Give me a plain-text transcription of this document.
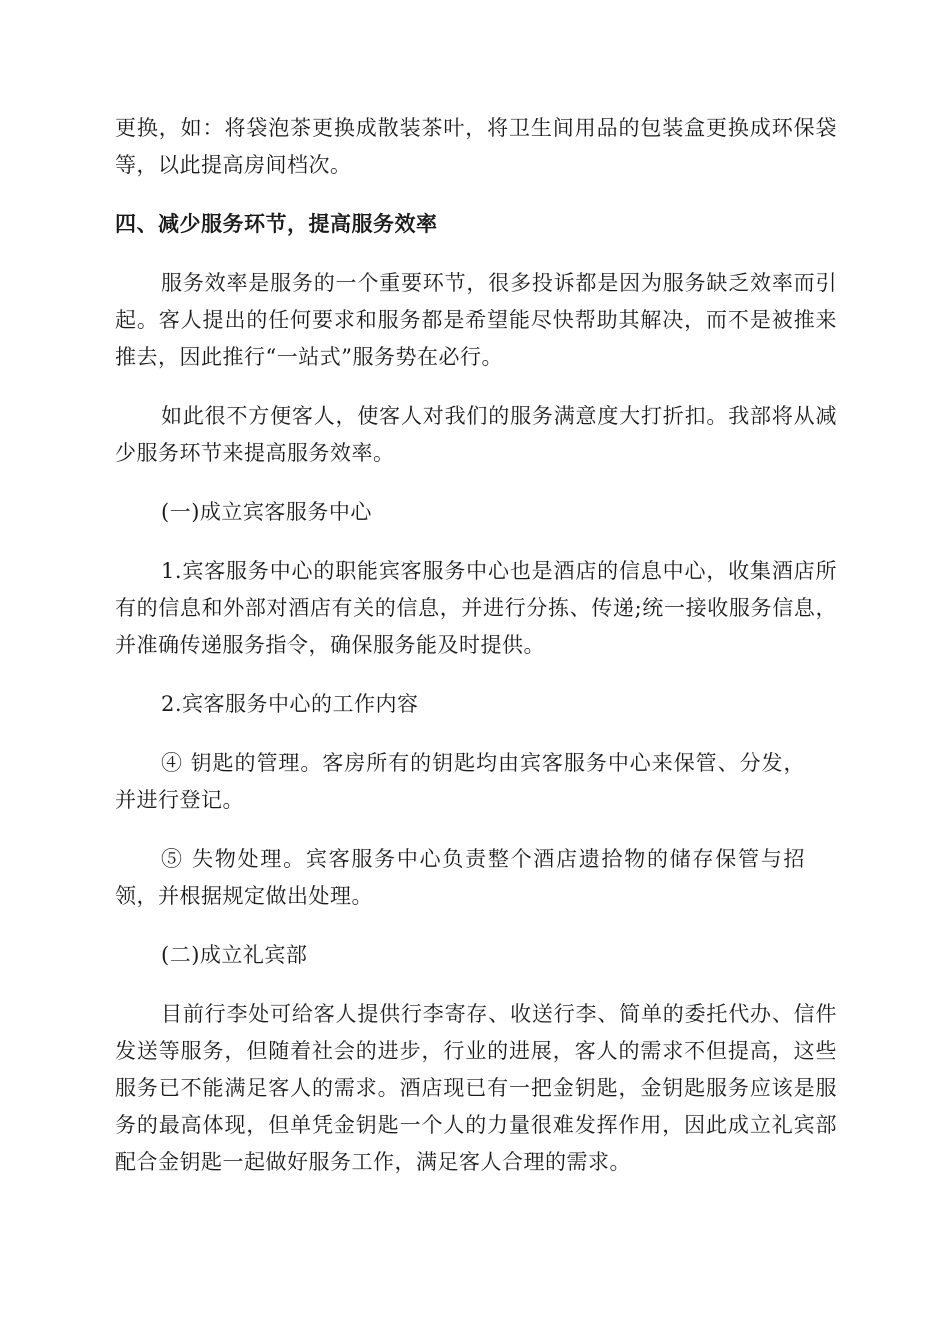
更换，如：将袋泡茶更换成散装茶叶，将卫生间用品的包装盒更换成环保袋等，以此提高房间档次。

四、减少服务环节，提高服务效率

服务效率是服务的一个重要环节，很多投诉都是因为服务缺乏效率而引起。客人提出的任何要求和服务都是希望能尽快帮助其解决，而不是被推来推去，因此推行“一站式”服务势在必行。

如此很不方便客人，使客人对我们的服务满意度大打折扣。我部将从减少服务环节来提高服务效率。

(一)成立宾客服务中心

1.宾客服务中心的职能宾客服务中心也是酒店的信息中心，收集酒店所有的信息和外部对酒店有关的信息，并进行分拣、传递;统一接收服务信息，并准确传递服务指令，确保服务能及时提供。

2.宾客服务中心的工作内容

④ 钥匙的管理。客房所有的钥匙均由宾客服务中心来保管、分发，并进行登记。

⑤ 失物处理。宾客服务中心负责整个酒店遗拾物的储存保管与招领，并根据规定做出处理。

(二)成立礼宾部

目前行李处可给客人提供行李寄存、收送行李、简单的委托代办、信件发送等服务，但随着社会的进步，行业的进展，客人的需求不但提高，这些服务已不能满足客人的需求。酒店现已有一把金钥匙，金钥匙服务应该是服务的最高体现，但单凭金钥匙一个人的力量很难发挥作用，因此成立礼宾部配合金钥匙一起做好服务工作，满足客人合理的需求。
